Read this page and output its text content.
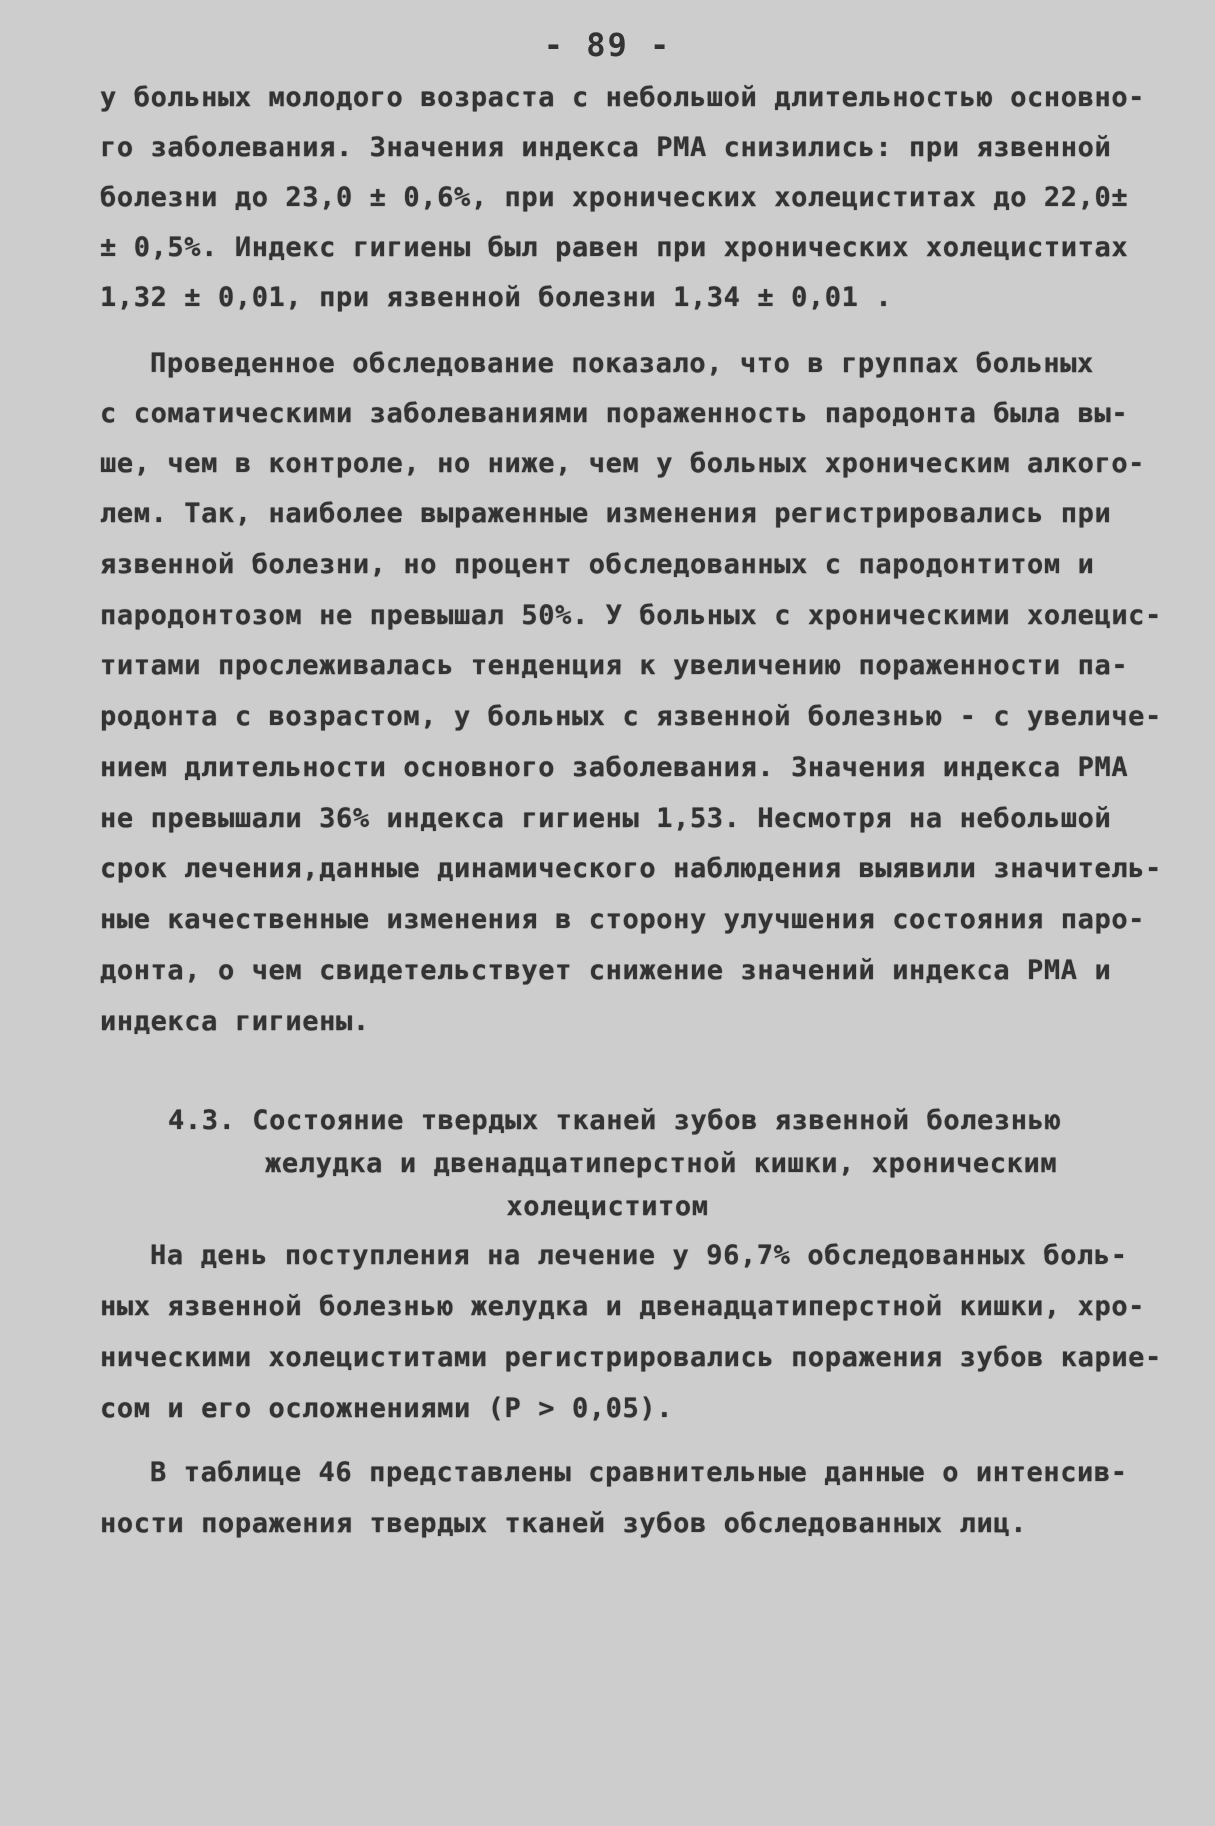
- 89 -
у больных молодого возраста с небольшой длительностью основно-
го заболевания. Значения индекса РМА снизились: при язвенной
болезни до 23,0 ± 0,6%, при хронических холециститах до 22,0±
± 0,5%. Индекс гигиены был равен при хронических холециститах
1,32 ± 0,01, при язвенной болезни 1,34 ± 0,01 .
Проведенное обследование показало, что в группах больных
с соматическими заболеваниями пораженность пародонта была вы-
ше, чем в контроле, но ниже, чем у больных хроническим алкого-
лем. Так, наиболее выраженные изменения регистрировались при
язвенной болезни, но процент обследованных с пародонтитом и
пародонтозом не превышал 50%. У больных с хроническими холецис-
титами прослеживалась тенденция к увеличению пораженности па-
родонта с возрастом, у больных с язвенной болезнью - с увеличе-
нием длительности основного заболевания. Значения индекса РМА
не превышали 36% индекса гигиены 1,53. Несмотря на небольшой
срок лечения,данные динамического наблюдения выявили значитель-
ные качественные изменения в сторону улучшения состояния паро-
донта, о чем свидетельствует снижение значений индекса РМА и
индекса гигиены.
4.3. Состояние твердых тканей зубов язвенной болезнью
желудка и двенадцатиперстной кишки, хроническим
холециститом
На день поступления на лечение у 96,7% обследованных боль-
ных язвенной болезнью желудка и двенадцатиперстной кишки, хро-
ническими холециститами регистрировались поражения зубов карие-
сом и его осложнениями (P > 0,05).
В таблице 46 представлены сравнительные данные о интенсив-
ности поражения твердых тканей зубов обследованных лиц.
